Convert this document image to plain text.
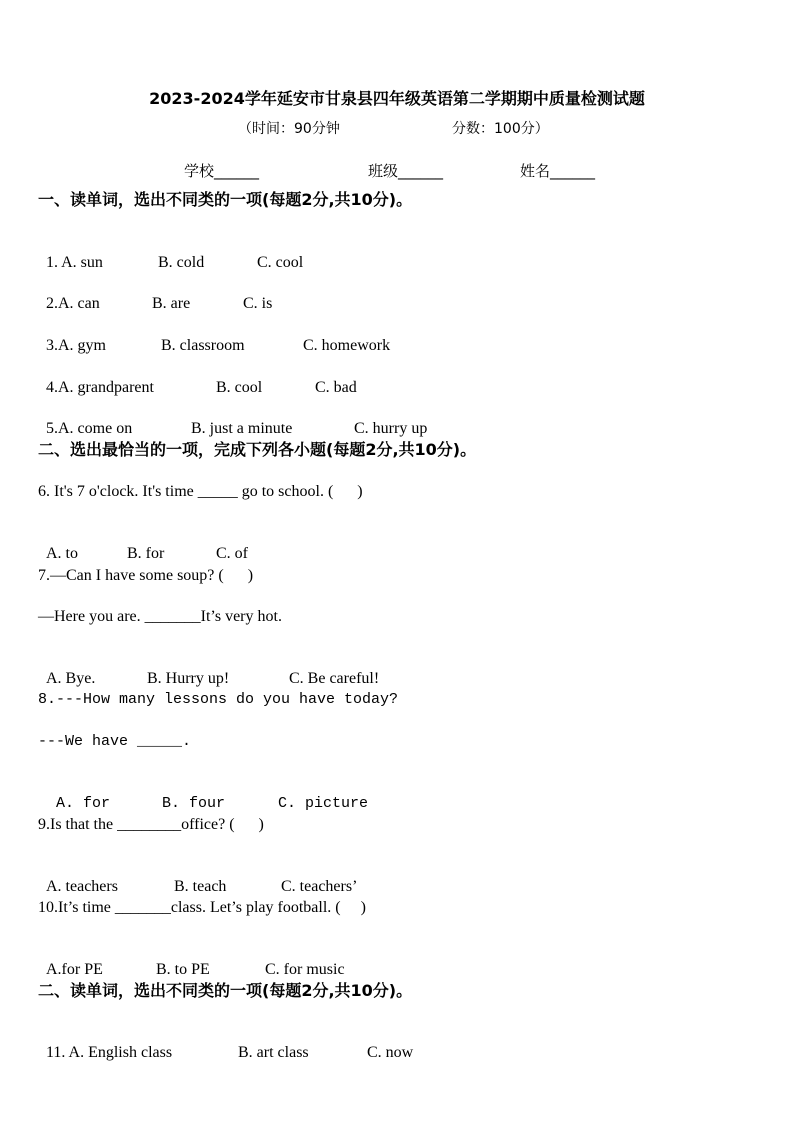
2023-2024学年延安市甘泉县四年级英语第二学期期中质量检测试题
（时间：90分钟	分数：100分）
学校______	班级______	姓名______
一、读单词，选出不同类的一项(每题2分,共10分)。

1. A. sun	B. cold	C. cool

2.A. can	B. are	C. is

3.A. gym	B. classroom	C. homework

4.A. grandparent	B. cool	C. bad

5.A. come on	B. just a minute	C. hurry up

二、选出最恰当的一项，完成下列各小题(每题2分,共10分)。
6. It's 7 o'clock. It's time _____ go to school. (      )

A. to	B. for	C. of

7.—Can I have some soup? (      )
—Here you are. _______It’s very hot.

A. Bye.	B. Hurry up!	C. Be careful!

8.---How many lessons do you have today?
---We have _____.

A. for	B. four	C. picture

9.Is that the ________office? (      )

A. teachers	B. teach	C. teachers’

10.It’s time _______class. Let’s play football. (     )

A.for PE	B. to PE	C. for music

二、读单词，选出不同类的一项(每题2分,共10分)。

11. A. English class	B. art class	C. now
